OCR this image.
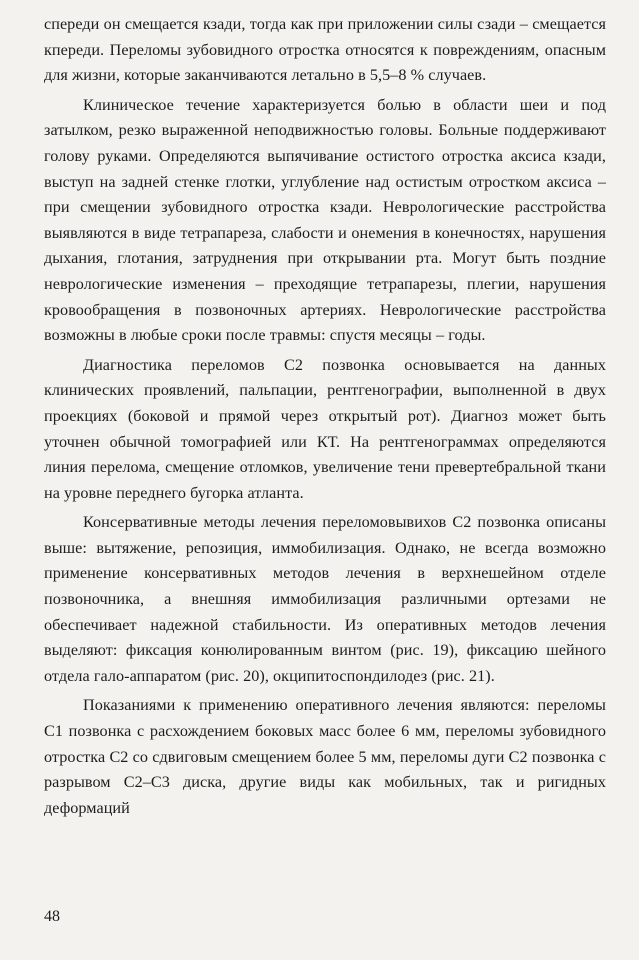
спереди он смещается кзади, тогда как при приложении силы сзади – смещается кпереди. Переломы зубовидного отростка относятся к повреждениям, опасным для жизни, которые заканчиваются летально в 5,5–8 % случаев.

Клиническое течение характеризуется болью в области шеи и под затылком, резко выраженной неподвижностью головы. Больные поддерживают голову руками. Определяются выпячивание остистого отростка аксиса кзади, выступ на задней стенке глотки, углубление над остистым отростком аксиса – при смещении зубовидного отростка кзади. Неврологические расстройства выявляются в виде тетрапареза, слабости и онемения в конечностях, нарушения дыхания, глотания, затруднения при открывании рта. Могут быть поздние неврологические изменения – преходящие тетрапарезы, плегии, нарушения кровообращения в позвоночных артериях. Неврологические расстройства возможны в любые сроки после травмы: спустя месяцы – годы.

Диагностика переломов С2 позвонка основывается на данных клинических проявлений, пальпации, рентгенографии, выполненной в двух проекциях (боковой и прямой через открытый рот). Диагноз может быть уточнен обычной томографией или КТ. На рентгенограммах определяются линия перелома, смещение отломков, увеличение тени превертебральной ткани на уровне переднего бугорка атланта.

Консервативные методы лечения переломовывихов С2 позвонка описаны выше: вытяжение, репозиция, иммобилизация. Однако, не всегда возможно применение консервативных методов лечения в верхнешейном отделе позвоночника, а внешняя иммобилизация различными ортезами не обеспечивает надежной стабильности. Из оперативных методов лечения выделяют: фиксация конюлированным винтом (рис. 19), фиксацию шейного отдела гало-аппаратом (рис. 20), окципитоспондилодез (рис. 21).

Показаниями к применению оперативного лечения являются: переломы С1 позвонка с расхождением боковых масс более 6 мм, переломы зубовидного отростка С2 со сдвиговым смещением более 5 мм, переломы дуги С2 позвонка с разрывом С2–С3 диска, другие виды как мобильных, так и ригидных деформаций

48
